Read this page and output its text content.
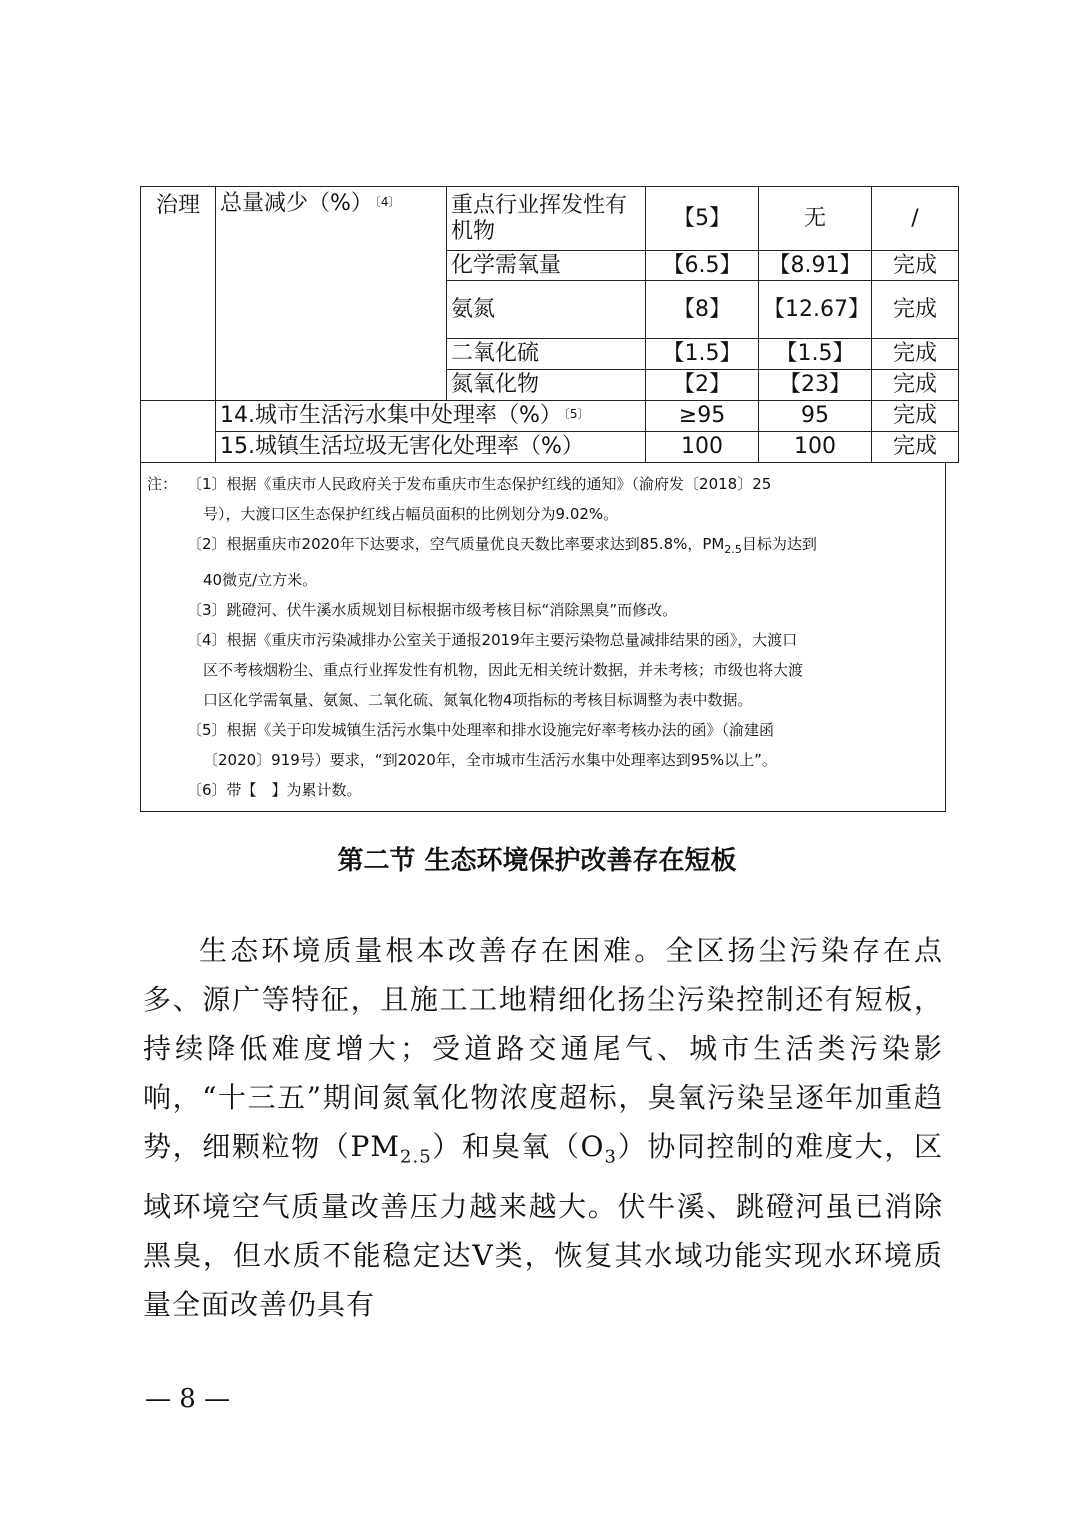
治理	总量减少（%） $^{〔4〕}$	重点行业挥发性有机物	【5】	无	/
		化学需氧量	【6.5】	【8.91】	完成
		氨氮	【8】	【12.67】	完成
		二氧化硫	【1.5】	【1.5】	完成
		氮氧化物	【2】	【23】	完成
	14.城市生活污水集中处理率（%） $^{〔5〕}$		≥95	95	完成
	15.城镇生活垃圾无害化处理率（%）		100	100	完成
注： 〔1〕 根据《重庆市人民政府关于发布重庆市生态保护红线的通知》（渝府发〔2018〕25
号），大渡口区生态保护红线占幅员面积的比例划分为9.02%。
〔2〕 根据重庆市2020年下达要求，空气质量优良天数比率要求达到85.8%，$PM_{2.5}$目标为达到
40微克/立方米。
〔3〕 跳磴河、伏牛溪水质规划目标根据市级考核目标“消除黑臭”而修改。
〔4〕 根据《重庆市污染减排办公室关于通报2019年主要污染物总量减排结果的函》，大渡口
区不考核烟粉尘、重点行业挥发性有机物，因此无相关统计数据，并未考核；市级也将大渡
口区化学需氧量、氨氮、二氧化硫、氮氧化物4项指标的考核目标调整为表中数据。
〔5〕 根据《关于印发城镇生活污水集中处理率和排水设施完好率考核办法的函》（渝建函
〔2020〕919号）要求，“到2020年，全市城市生活污水集中处理率达到95%以上”。
〔6〕 带【　】为累计数。
第二节 生态环境保护改善存在短板

生态环境质量根本改善存在困难。全区扬尘污染存在点多、源广等特征，且施工工地精细化扬尘污染控制还有短板，持续降低难度增大；受道路交通尾气、城市生活类污染影响，“十三五”期间氮氧化物浓度超标，臭氧污染呈逐年加重趋势，细颗粒物$(PM_{2.5})$和臭氧$(O_3)$协同控制的难度大，区域环境空气质量改善压力越来越大。伏牛溪、跳磴河虽已消除黑臭，但水质不能稳定达Ⅴ类，恢复其水域功能实现水环境质量全面改善仍具有

— 8 —
